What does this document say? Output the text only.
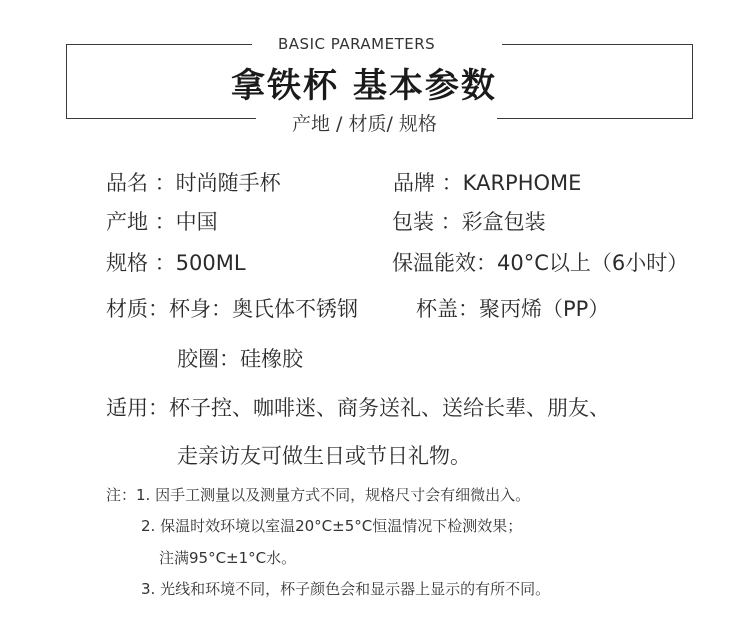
BASIC PARAMETERS
拿铁杯 基本参数
产地 / 材质/ 规格
品名 ：时尚随手杯	品牌 ：KARPHOME
产地 ：中国	包装 ：彩盒包装
规格 ：500ML	保温能效：40°C以上（6小时）
材质：杯身：奥氏体不锈钢	杯盖：聚丙烯（PP）
胶圈：硅橡胶
适用：杯子控、咖啡迷、商务送礼、送给长辈、朋友、
走亲访友可做生日或节日礼物。
注：1. 因手工测量以及测量方式不同，规格尺寸会有细微出入。
2. 保温时效环境以室温20°C±5°C恒温情况下检测效果；
注满95°C±1°C水。
3. 光线和环境不同，杯子颜色会和显示器上显示的有所不同。
